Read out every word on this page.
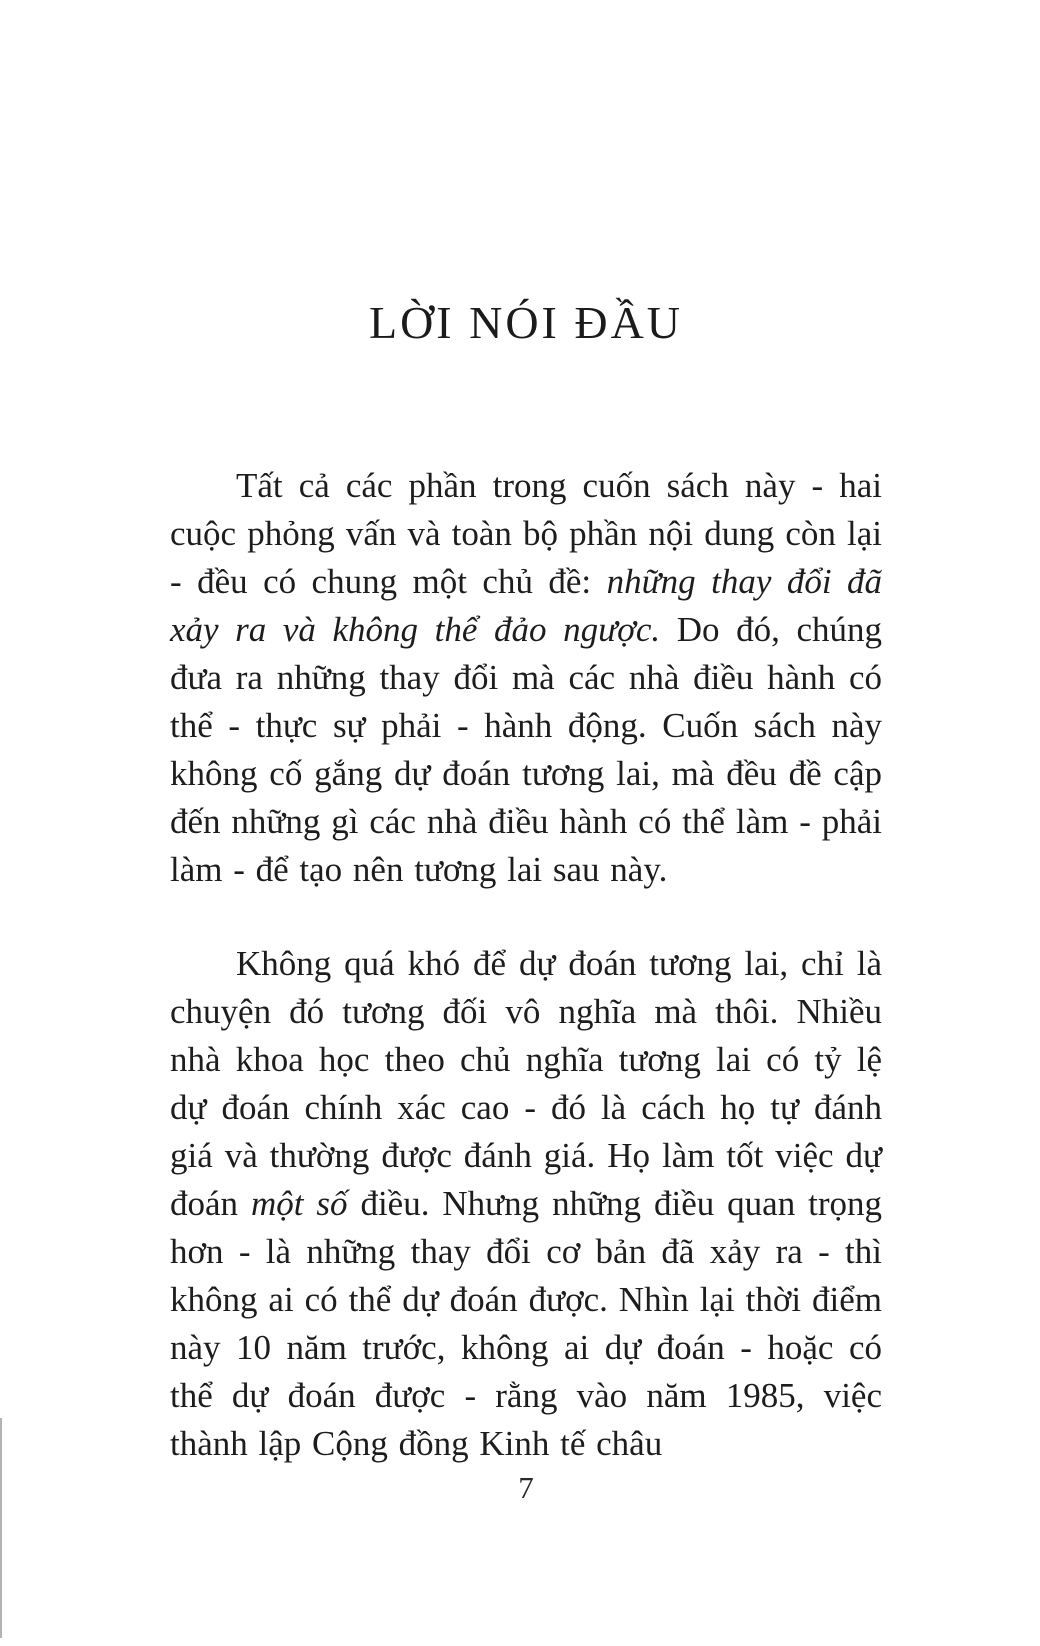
LỜI NÓI ĐẦU

Tất cả các phần trong cuốn sách này - hai cuộc phỏng vấn và toàn bộ phần nội dung còn lại - đều có chung một chủ đề: những thay đổi đã xảy ra và không thể đảo ngược. Do đó, chúng đưa ra những thay đổi mà các nhà điều hành có thể - thực sự phải - hành động. Cuốn sách này không cố gắng dự đoán tương lai, mà đều đề cập đến những gì các nhà điều hành có thể làm - phải làm - để tạo nên tương lai sau này.

Không quá khó để dự đoán tương lai, chỉ là chuyện đó tương đối vô nghĩa mà thôi. Nhiều nhà khoa học theo chủ nghĩa tương lai có tỷ lệ dự đoán chính xác cao - đó là cách họ tự đánh giá và thường được đánh giá. Họ làm tốt việc dự đoán một số điều. Nhưng những điều quan trọng hơn - là những thay đổi cơ bản đã xảy ra - thì không ai có thể dự đoán được. Nhìn lại thời điểm này 10 năm trước, không ai dự đoán - hoặc có thể dự đoán được - rằng vào năm 1985, việc thành lập Cộng đồng Kinh tế châu

7
